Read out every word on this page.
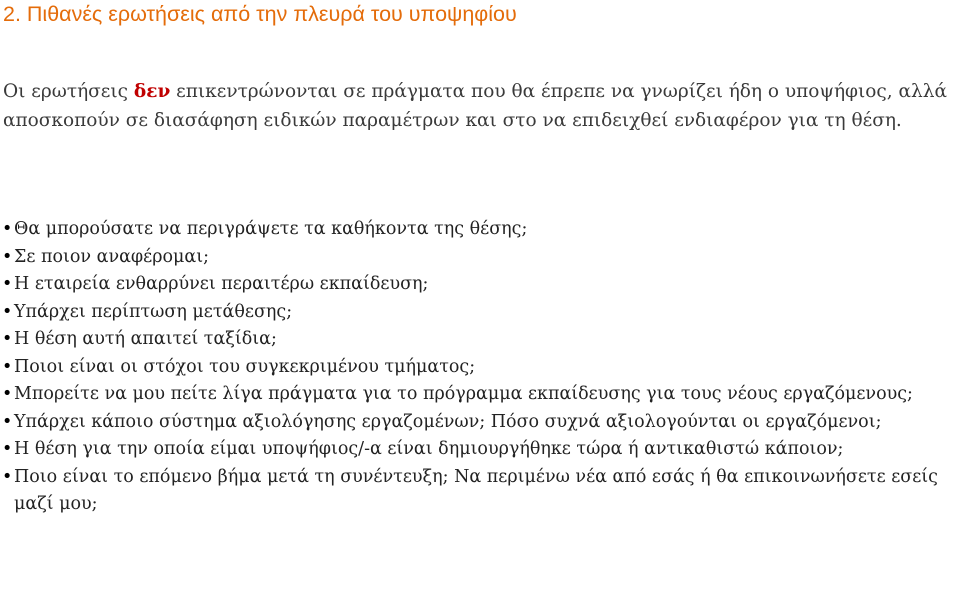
2. Πιθανές ερωτήσεις από την πλευρά του υποψηφίου

Οι ερωτήσεις δεν επικεντρώνονται σε πράγματα που θα έπρεπε να γνωρίζει ήδη ο υποψήφιος, αλλά αποσκοπούν σε διασάφηση ειδικών παραμέτρων και στο να επιδειχθεί ενδιαφέρον για τη θέση.

• Θα μπορούσατε να περιγράψετε τα καθήκοντα της θέσης;
• Σε ποιον αναφέρομαι;
• Η εταιρεία ενθαρρύνει περαιτέρω εκπαίδευση;
• Υπάρχει περίπτωση μετάθεσης;
• Η θέση αυτή απαιτεί ταξίδια;
• Ποιοι είναι οι στόχοι του συγκεκριμένου τμήματος;
• Μπορείτε να μου πείτε λίγα πράγματα για το πρόγραμμα εκπαίδευσης για τους νέους εργαζόμενους;
• Υπάρχει κάποιο σύστημα αξιολόγησης εργαζομένων; Πόσο συχνά αξιολογούνται οι εργαζόμενοι;
• Η θέση για την οποία είμαι υποψήφιος/-α είναι δημιουργήθηκε τώρα ή αντικαθιστώ κάποιον;
• Ποιο είναι το επόμενο βήμα μετά τη συνέντευξη; Να περιμένω νέα από εσάς ή θα επικοινωνήσετε εσείς μαζί μου;
